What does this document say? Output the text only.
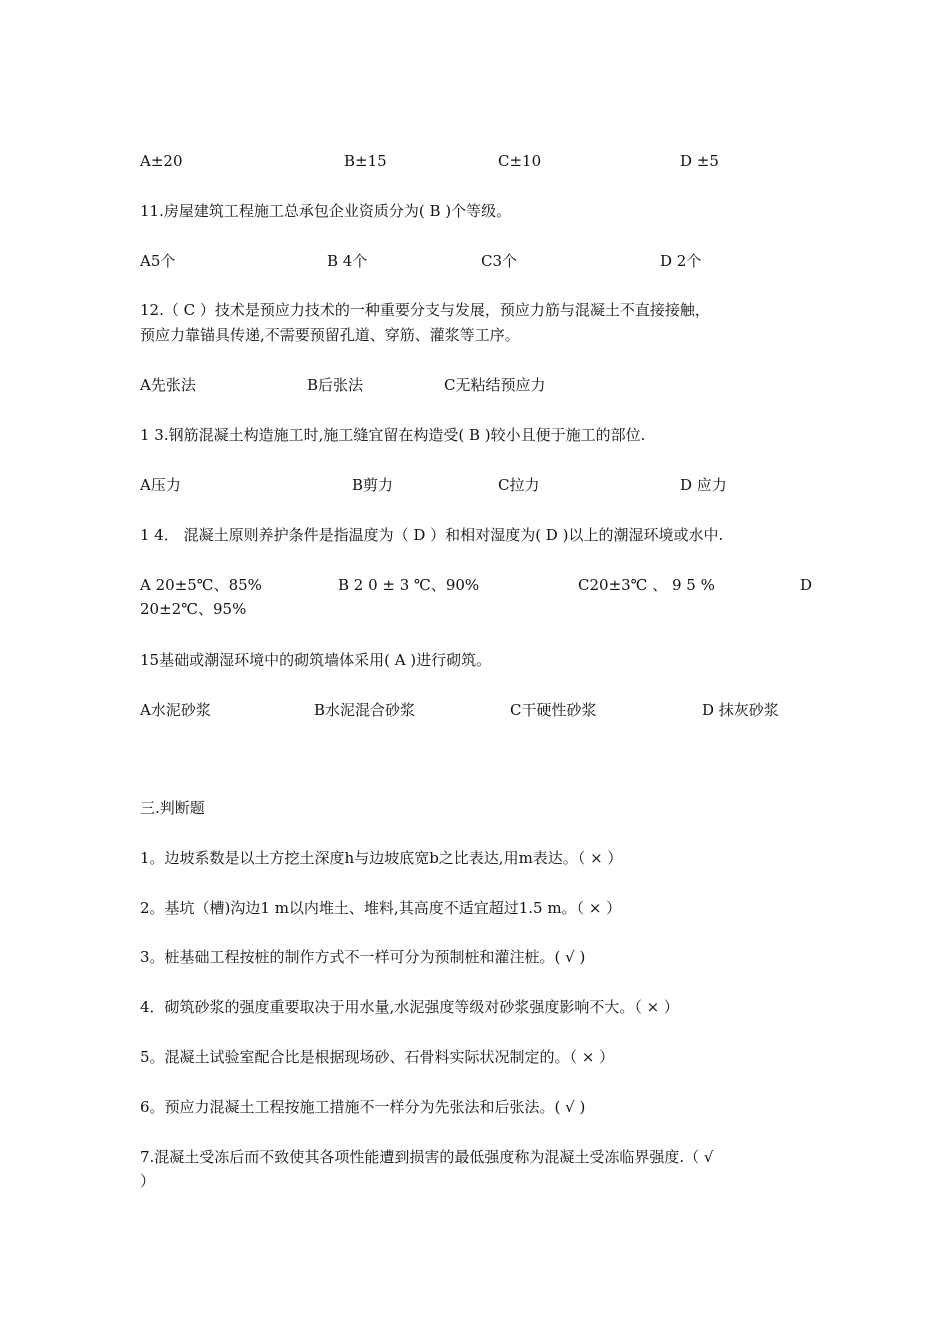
A±20	B±15	C±10	D ±5
11.房屋建筑工程施工总承包企业资质分为( B )个等级。
A5个	B 4个	C3个	D 2个
12.（ C ）技术是预应力技术的一种重要分支与发展，预应力筋与混凝土不直接接触，
预应力靠锚具传递,不需要预留孔道、穿筋、灌浆等工序。
A先张法	B后张法	C无粘结预应力
1 3.钢筋混凝土构造施工时,施工缝宜留在构造受( B )较小且便于施工的部位.
A压力	B剪力	C拉力	D 应力
1 4． 混凝土原则养护条件是指温度为（ D ）和相对湿度为( D )以上的潮湿环境或水中.
A 20±5℃、85%	B 2 0 ± 3 ℃、90%	C20±3℃ 、 9 5 %	D
20±2℃、95%
15基础或潮湿环境中的砌筑墙体采用( A )进行砌筑。
A水泥砂浆	B水泥混合砂浆	C干硬性砂浆	D 抹灰砂浆
三.判断题
1。边坡系数是以土方挖土深度h与边坡底宽b之比表达,用m表达。（ × ）
2。基坑（槽)沟边1 m以内堆土、堆料,其高度不适宜超过1.5 m。（ × ）
3。桩基础工程按桩的制作方式不一样可分为预制桩和灌注桩。( √ )
4．砌筑砂浆的强度重要取决于用水量,水泥强度等级对砂浆强度影响不大。（ × ）
5。混凝土试验室配合比是根据现场砂、石骨料实际状况制定的。（ × ）
6。预应力混凝土工程按施工措施不一样分为先张法和后张法。( √ )
7.混凝土受冻后而不致使其各项性能遭到损害的最低强度称为混凝土受冻临界强度.（ √
）
